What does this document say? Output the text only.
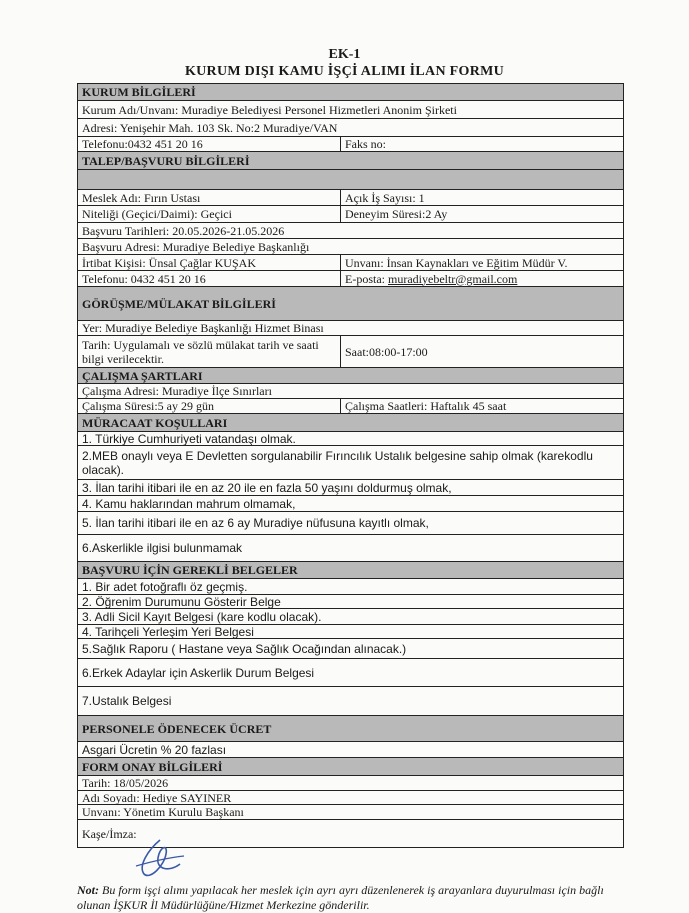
EK-1
KURUM DIŞI KAMU İŞÇİ ALIMI İLAN FORMU
KURUM BİLGİLERİ
Kurum Adı/Unvanı: Muradiye Belediyesi Personel Hizmetleri Anonim Şirketi
Adresi: Yenişehir Mah. 103 Sk. No:2 Muradiye/VAN
Telefonu:0432 451 20 16	Faks no:
TALEP/BAŞVURU BİLGİLERİ
Meslek Adı: Fırın Ustası	Açık İş Sayısı: 1
Niteliği (Geçici/Daimi): Geçici	Deneyim Süresi:2 Ay
Başvuru Tarihleri: 20.05.2026-21.05.2026
Başvuru Adresi: Muradiye Belediye Başkanlığı
İrtibat Kişisi: Ünsal Çağlar KUŞAK	Unvanı: İnsan Kaynakları ve Eğitim Müdür V.
Telefonu: 0432 451 20 16	E-posta:
muradiyebeltr@gmail.com
GÖRÜŞME/MÜLAKAT BİLGİLERİ
Yer: Muradiye Belediye Başkanlığı Hizmet Binası
Tarih: Uygulamalı ve sözlü mülakat tarih ve saati bilgi verilecektir.	Saat:08:00-17:00
ÇALIŞMA ŞARTLARI
Çalışma Adresi: Muradiye İlçe Sınırları
Çalışma Süresi:5 ay 29 gün	Çalışma Saatleri: Haftalık 45 saat
MÜRACAAT KOŞULLARI
1. Türkiye Cumhuriyeti vatandaşı olmak.
2.MEB onaylı veya E Devletten sorgulanabilir Fırıncılık Ustalık belgesine sahip olmak (karekodlu olacak).
3. İlan tarihi itibari ile en az 20 ile en fazla 50 yaşını doldurmuş olmak,
4. Kamu haklarından mahrum olmamak,
5. İlan tarihi itibari ile en az 6 ay Muradiye nüfusuna kayıtlı olmak,
6.Askerlikle ilgisi bulunmamak
BAŞVURU İÇİN GEREKLİ BELGELER
1. Bir adet fotoğraflı öz geçmiş.
2. Öğrenim Durumunu Gösterir Belge
3. Adli Sicil Kayıt Belgesi (kare kodlu olacak).
4. Tarihçeli Yerleşim Yeri Belgesi
5.Sağlık Raporu ( Hastane veya Sağlık Ocağından alınacak.)
6.Erkek Adaylar için Askerlik Durum Belgesi
7.Ustalık Belgesi
PERSONELE ÖDENECEK ÜCRET
Asgari Ücretin % 20 fazlası
FORM ONAY BİLGİLERİ
Tarih: 18/05/2026
Adı Soyadı: Hediye SAYINER
Unvanı: Yönetim Kurulu Başkanı
Kaşe/İmza:
Not: Bu form işçi alımı yapılacak her meslek için ayrı ayrı düzenlenerek iş arayanlara duyurulması için bağlı olunan İŞKUR İl Müdürlüğüne/Hizmet Merkezine gönderilir.
